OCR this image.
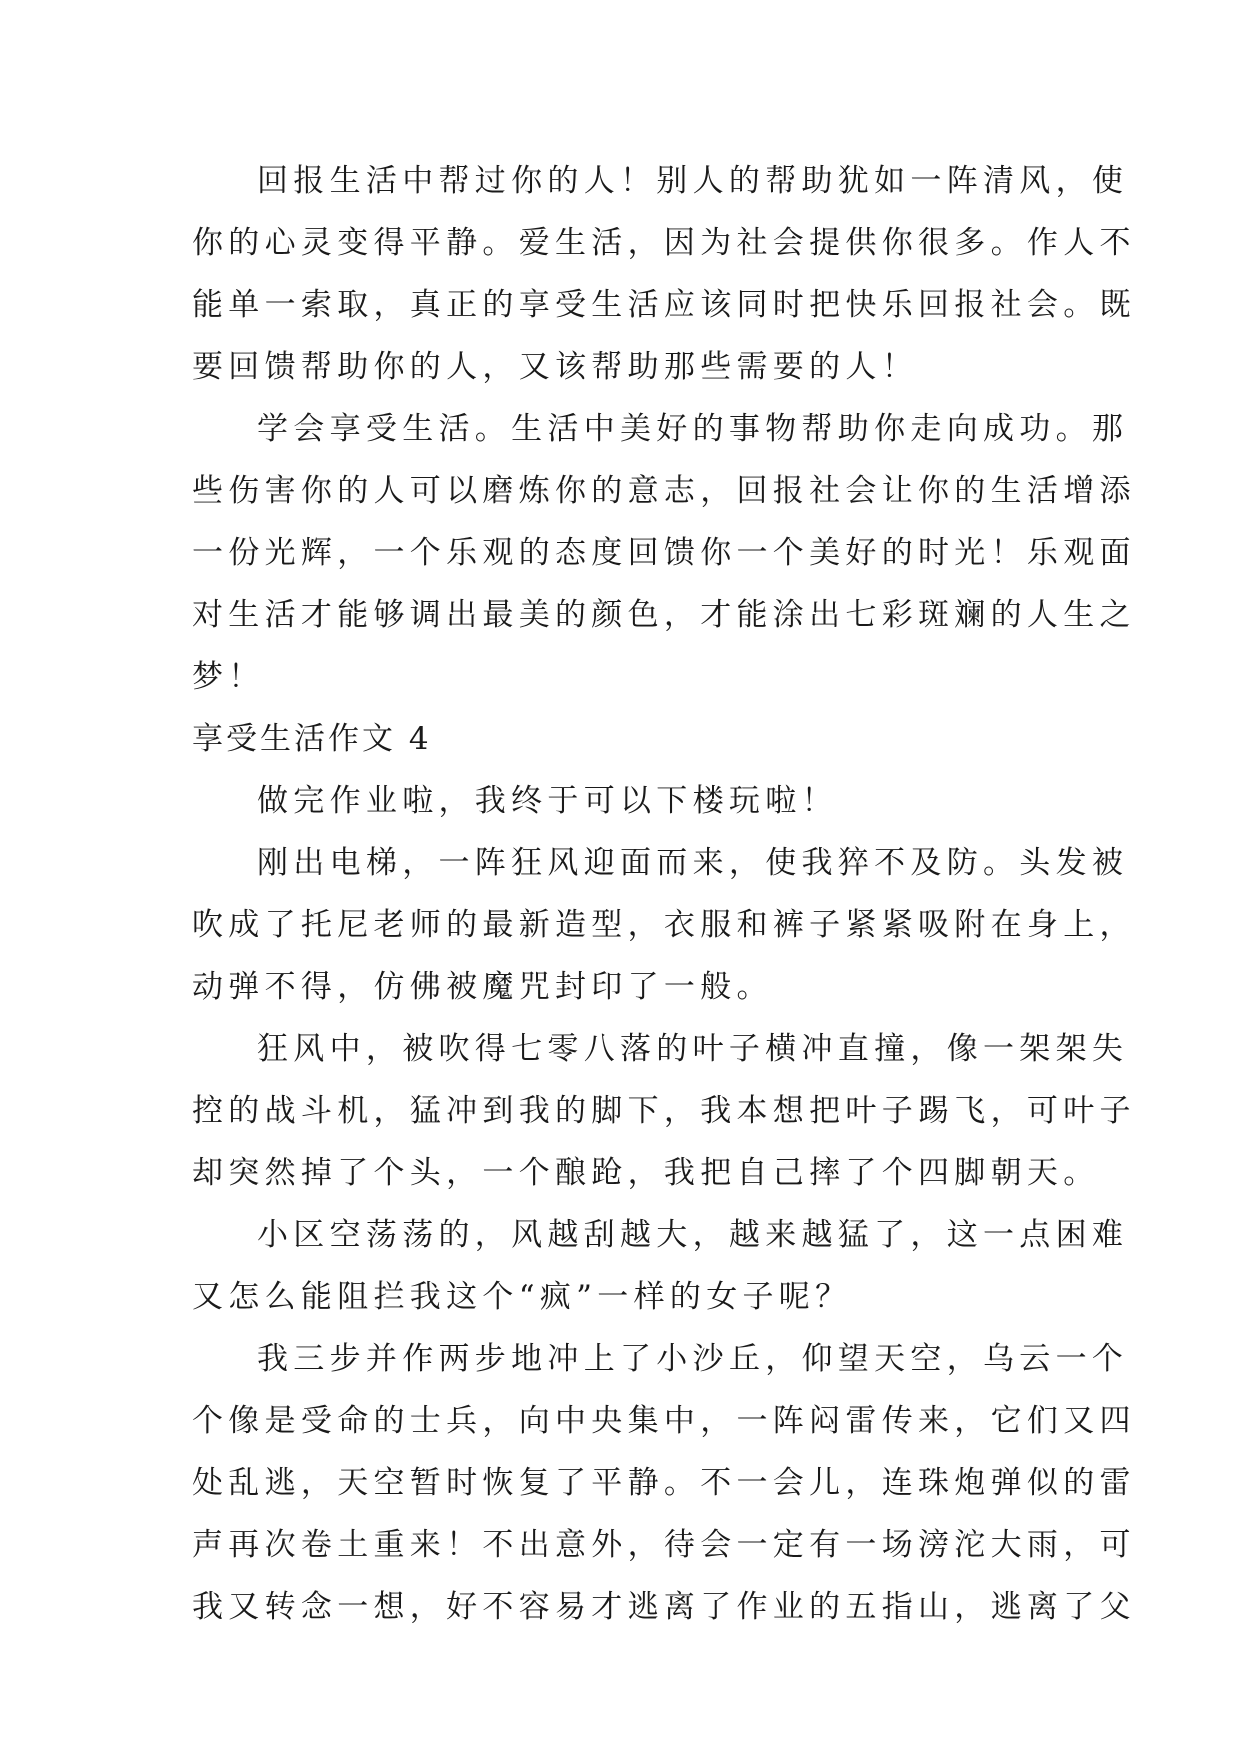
回报生活中帮过你的人！别人的帮助犹如一阵清风，使
你的心灵变得平静。爱生活，因为社会提供你很多。作人不
能单一索取，真正的享受生活应该同时把快乐回报社会。既
要回馈帮助你的人，又该帮助那些需要的人！
学会享受生活。生活中美好的事物帮助你走向成功。那
些伤害你的人可以磨炼你的意志，回报社会让你的生活增添
一份光辉，一个乐观的态度回馈你一个美好的时光！乐观面
对生活才能够调出最美的颜色，才能涂出七彩斑斓的人生之
梦！
享受生活作文 4
做完作业啦，我终于可以下楼玩啦！
刚出电梯，一阵狂风迎面而来，使我猝不及防。头发被
吹成了托尼老师的最新造型，衣服和裤子紧紧吸附在身上，
动弹不得，仿佛被魔咒封印了一般。
狂风中，被吹得七零八落的叶子横冲直撞，像一架架失
控的战斗机，猛冲到我的脚下，我本想把叶子踢飞，可叶子
却突然掉了个头，一个酿跄，我把自己摔了个四脚朝天。
小区空荡荡的，风越刮越大，越来越猛了，这一点困难
又怎么能阻拦我这个“疯”一样的女子呢？
我三步并作两步地冲上了小沙丘，仰望天空，乌云一个
个像是受命的士兵，向中央集中，一阵闷雷传来，它们又四
处乱逃，天空暂时恢复了平静。不一会儿，连珠炮弹似的雷
声再次卷土重来！不出意外，待会一定有一场滂沱大雨，可
我又转念一想，好不容易才逃离了作业的五指山，逃离了父
